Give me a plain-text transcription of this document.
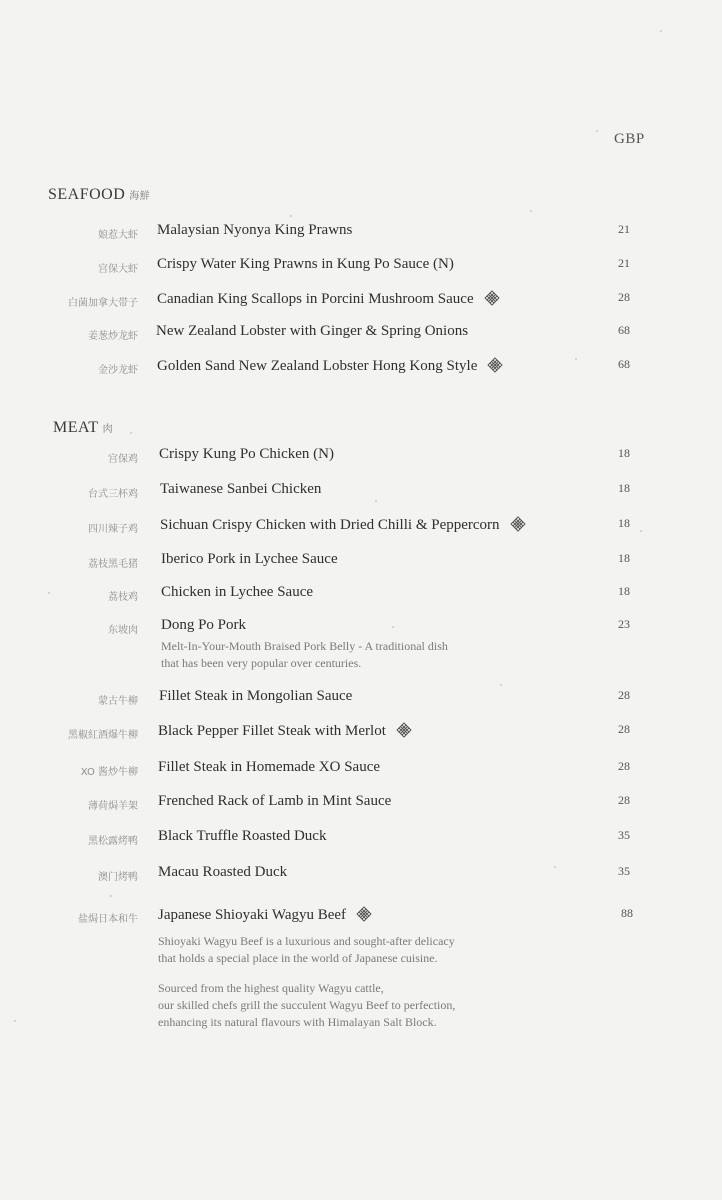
GBP
SEAFOOD 海鮮
娘惹大虾 Malaysian Nyonya King Prawns	21
宫保大虾 Crispy Water King Prawns in Kung Po Sauce (N)	21
白菌加拿大带子 Canadian King Scallops in Porcini Mushroom Sauce	28
姜葱炒龙虾 New Zealand Lobster with Ginger & Spring Onions	68
金沙龙虾 Golden Sand New Zealand Lobster Hong Kong Style	68
MEAT 肉
宫保鸡 Crispy Kung Po Chicken (N)	18
台式三杯鸡 Taiwanese Sanbei Chicken	18
四川辣子鸡 Sichuan Crispy Chicken with Dried Chilli & Peppercorn	18
荔枝黑毛猪 Iberico Pork in Lychee Sauce	18
荔枝鸡 Chicken in Lychee Sauce	18
东坡肉 Dong Po Pork	23
Melt-In-Your-Mouth Braised Pork Belly - A traditional dish
that has been very popular over centuries.
蒙古牛柳 Fillet Steak in Mongolian Sauce	28
黑椒紅酒爆牛柳 Black Pepper Fillet Steak with Merlot	28
XO 酱炒牛柳 Fillet Steak in Homemade XO Sauce	28
薄荷焗羊架 Frenched Rack of Lamb in Mint Sauce	28
黑松露烤鸭 Black Truffle Roasted Duck	35
澳门烤鸭 Macau Roasted Duck	35
盐焗日本和牛 Japanese Shioyaki Wagyu Beef	88
Shioyaki Wagyu Beef is a luxurious and sought-after delicacy
that holds a special place in the world of Japanese cuisine.
Sourced from the highest quality Wagyu cattle,
our skilled chefs grill the succulent Wagyu Beef to perfection,
enhancing its natural flavours with Himalayan Salt Block.
